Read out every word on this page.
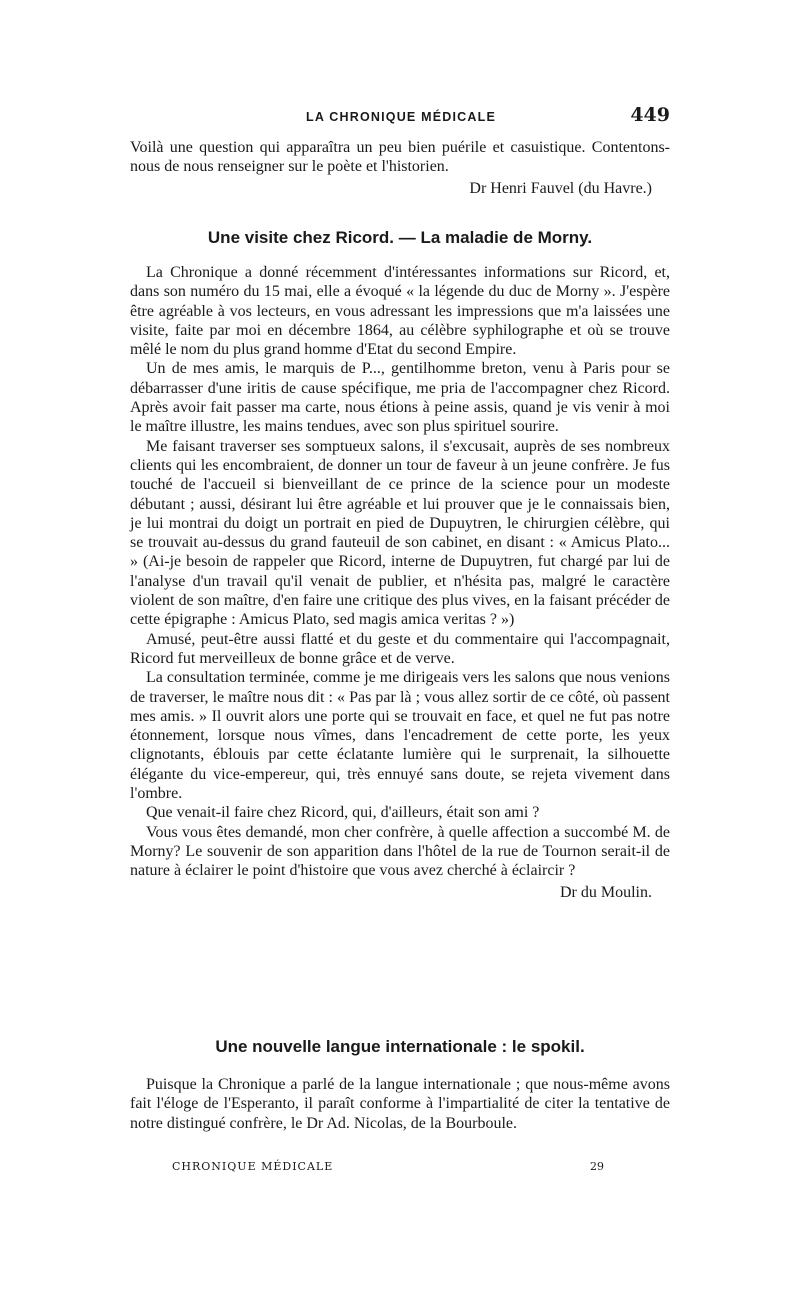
LA CHRONIQUE MÉDICALE	449

Voilà une question qui apparaîtra un peu bien puérile et casuistique. Contentons-nous de nous renseigner sur le poète et l'historien.

Dr Henri Fauvel (du Havre.)
Une visite chez Ricord. — La maladie de Morny.

La Chronique a donné récemment d'intéressantes informations sur Ricord, et, dans son numéro du 15 mai, elle a évoqué « la légende du duc de Morny ». J'espère être agréable à vos lecteurs, en vous adressant les impressions que m'a laissées une visite, faite par moi en décembre 1864, au célèbre syphilographe et où se trouve mêlé le nom du plus grand homme d'Etat du second Empire.

Un de mes amis, le marquis de P..., gentilhomme breton, venu à Paris pour se débarrasser d'une iritis de cause spécifique, me pria de l'accompagner chez Ricord. Après avoir fait passer ma carte, nous étions à peine assis, quand je vis venir à moi le maître illustre, les mains tendues, avec son plus spirituel sourire.

Me faisant traverser ses somptueux salons, il s'excusait, auprès de ses nombreux clients qui les encombraient, de donner un tour de faveur à un jeune confrère. Je fus touché de l'accueil si bienveillant de ce prince de la science pour un modeste débutant ; aussi, désirant lui être agréable et lui prouver que je le connaissais bien, je lui montrai du doigt un portrait en pied de Dupuytren, le chirurgien célèbre, qui se trouvait au-dessus du grand fauteuil de son cabinet, en disant : « Amicus Plato... » (Ai-je besoin de rappeler que Ricord, interne de Dupuytren, fut chargé par lui de l'analyse d'un travail qu'il venait de publier, et n'hésita pas, malgré le caractère violent de son maître, d'en faire une critique des plus vives, en la faisant précéder de cette épigraphe : Amicus Plato, sed magis amica veritas ? »)

Amusé, peut-être aussi flatté et du geste et du commentaire qui l'accompagnait, Ricord fut merveilleux de bonne grâce et de verve.

La consultation terminée, comme je me dirigeais vers les salons que nous venions de traverser, le maître nous dit : « Pas par là ; vous allez sortir de ce côté, où passent mes amis. » Il ouvrit alors une porte qui se trouvait en face, et quel ne fut pas notre étonnement, lorsque nous vîmes, dans l'encadrement de cette porte, les yeux clignotants, éblouis par cette éclatante lumière qui le surprenait, la silhouette élégante du vice-empereur, qui, très ennuyé sans doute, se rejeta vivement dans l'ombre.

Que venait-il faire chez Ricord, qui, d'ailleurs, était son ami ?

Vous vous êtes demandé, mon cher confrère, à quelle affection a succombé M. de Morny? Le souvenir de son apparition dans l'hôtel de la rue de Tournon serait-il de nature à éclairer le point d'histoire que vous avez cherché à éclaircir ?

Dr du Moulin.
Une nouvelle langue internationale : le spokil.

Puisque la Chronique a parlé de la langue internationale ; que nous-même avons fait l'éloge de l'Esperanto, il paraît conforme à l'impartialité de citer la tentative de notre distingué confrère, le Dr Ad. Nicolas, de la Bourboule.

CHRONIQUE MÉDICALE	29
